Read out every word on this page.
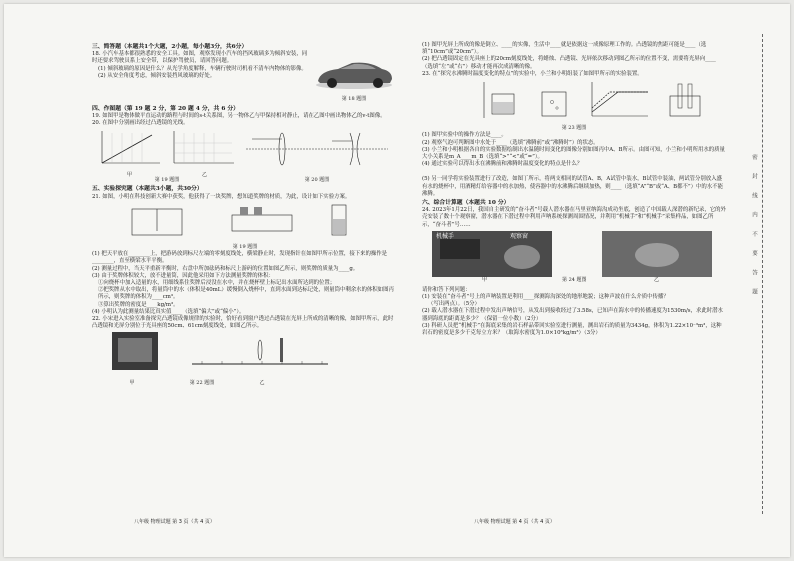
三、简答题（本题共1个大题，2小题，每小题3分，共6分）

18. 小汽车基本都很熟悉的安全工具。如图，观察发现小汽车的挡风玻璃多为倾斜安装，同时还要求驾驶员系上安全带，以保护驾驶员，请回答问题。

(1) 倾斜玻璃的原因是什么？从光学角度解释，车辆行驶时司机看不清车内物体的影像。

(2) 从安全角度考虑，倾斜安装挡风玻璃的好处。

第 18 题图
四、作图题（第 19 题 2 分，第 20 题 4 分，共 6 分）

19. 如图甲是物体做平直运动的路程与时间的s-t关系图，另一物体乙与甲保持相对静止，请在乙图中画出物体乙的v-t图像。

20. 在图中分别画出经过凸透镜的光线。

甲	乙
第 19 题图	第 20 题图
五、实验探究题（本题共3小题，共30分）

21. 如图，小明在科技创新大赛中获奖，他获得了一块奖牌，想知道奖牌的材质，为此，设计如下实验方案。

第 19 题图

(1) 把天平放在________上，把游码放到标尺左端的零刻度线处，横梁静止时，发现指针在如图甲所示位置，接下来的操作是________，直至横梁水平平衡。

(2) 测量过程中，当天平重新平衡时，右盘中所加砝码和标尺上游码的位置如图乙所示，则奖牌的质量为____g。

(3) 由于奖牌体积较大，放不进量筒，因此他采用如下方法测量奖牌的体积：

①向烧杯中加入适量的水，用细线系住奖牌后浸没在水中，并在烧杯壁上标记出水面所达到的位置；

②把奖牌从水中取出，将量筒中的水（体积是40mL）缓慢倒入烧杯中，直到水面到达标记处，则量筒中剩余水的体积如图丙所示，则奖牌的体积为____cm³。

③算出奖牌的密度是____kg/m³。

(4) 小明认为此测量结果比真实值____（选填“偏大”或“偏小”）。

22. 小宋进入实验室准备探究凸透镜成像规律的实验时，恰好看到窗户透过凸透镜在光屏上所成的清晰的像，如图甲所示，此时凸透镜和光屏分别位于光具座的50cm、61cm刻度线处，如图乙所示。

甲	第 22 题图	乙

(1) 图甲光屏上所成的像是倒立、____的实像，生活中____就是依据这一成像原理工作的。凸透镜的焦距可能是____（选填“10cm”或“20cm”）。

(2) 把凸透镜固定在光具座上的20cm刻度线处，将蜡烛、凸透镜、光屏依次移动到图乙所示的位置不变，需要将光屏向____（选填“左”或“右”）移动才能再次成清晰的像。

23. 在“探究水沸腾时温度变化的特点”的实验中，小兰和小明组装了如图甲所示的实验装置。

第 23 题图

(1) 图甲实验中的操作方法是____。

(2) 观察气泡可判断图中水处于____（选填“沸腾前”或“沸腾时”）的状态。

(3) 小兰和小明根据各自的实验数据绘制出水温随时间变化的图像分别如图丙中A、B所示。由图可知，小兰和小明所用水的质量大小关系是m_A____m_B（选填“>”“<”或“=”）。

(4) 通过实验可以得出水在沸腾前和沸腾时温度变化的特点是什么？

(5) 另一同学将实验装置进行了改造，如图丁所示，将两支相同的试管A、B，A试管中装水，B试管中装油，两试管分别放入盛有水的烧杯中，用酒精灯给容器中的水加热，使容器中的水沸腾后继续加热，则____（选填“A”“B”或“A、B都不”）中的水不能沸腾。

六、综合计算题（本题共 10 分）

24. 2023年1月22日，我国自主研发的“奋斗者”号载人潜水器在马里亚纳海沟成功坐底，创造了中国载人深潜的新纪录，它的外壳安装了数十个观察窗，潜水器在下潜过程中利用声呐系统探测周围情况，并利用“机械手”和“机械手”采集样品，如图乙所示，“奋斗者”号……

机械手	观察窗
甲	第 24 题图	乙

请你和答下列问题：

(1) 安装在“奋斗者”号上的声呐装置是利用____探测海沟深处的地形地貌；这种声波在什么介质中传播？

（写出两点）。（5分）

(2) 载人潜水器在下潜过程中发出声呐信号，从发出到接收经过了3.58s，已知声在海水中的传播速度为1530m/s，求此时潜水器到海底的距离是多少？（保留一位小数）（2分）

(3) 科研人员把“机械手”在海底采集的岩石样品带回实验室进行测量，测出岩石的质量为3434g，体积为1.22×10⁻³m³，这种岩石的密度是多少千克每立方米？（取海水密度为1.0×10³kg/m³）（3分）

八年级 物理试题 第 3 页（共 4 页）	八年级 物理试题 第 4 页（共 4 页）
密 封 线 内 不 要 答 题
